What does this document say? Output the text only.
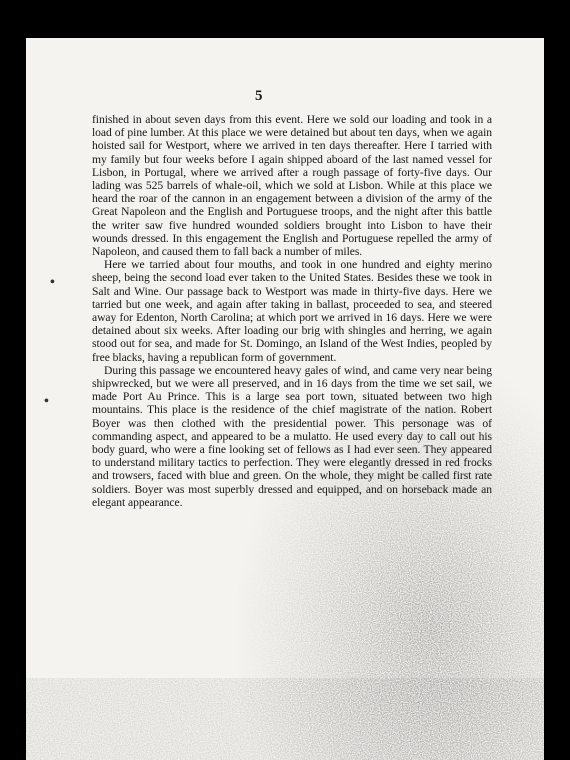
5
•
•

finished in about seven days from this event. Here we sold our loading and took in a load of pine lumber. At this place we were detained but about ten days, when we again hoisted sail for Westport, where we arrived in ten days thereafter. Here I tarried with my family but four weeks before I again shipped aboard of the last named vessel for Lisbon, in Portugal, where we arrived after a rough passage of forty-five days. Our lading was 525 barrels of whale-oil, which we sold at Lisbon. While at this place we heard the roar of the cannon in an engagement between a division of the army of the Great Napoleon and the English and Portuguese troops, and the night after this battle the writer saw five hundred wounded soldiers brought into Lisbon to have their wounds dressed. In this engagement the English and Portuguese repelled the army of Napoleon, and caused them to fall back a number of miles.

Here we tarried about four mouths, and took in one hundred and eighty merino sheep, being the second load ever taken to the United States. Besides these we took in Salt and Wine. Our passage back to Westport was made in thirty-five days. Here we tarried but one week, and again after taking in ballast, proceeded to sea, and steered away for Edenton, North Carolina; at which port we arrived in 16 days. Here we were detained about six weeks. After loading our brig with shingles and herring, we again stood out for sea, and made for St. Domingo, an Island of the West Indies, peopled by free blacks, having a republican form of government.

During this passage we encountered heavy gales of wind, and came very near being shipwrecked, but we were all preserved, and in 16 days from the time we set sail, we made Port Au Prince. This is a large sea port town, situated between two high mountains. This place is the residence of the chief magistrate of the nation. Robert Boyer was then clothed with the presidential power. This personage was of commanding aspect, and appeared to be a mulatto. He used every day to call out his body guard, who were a fine looking set of fellows as I had ever seen. They appeared to understand military tactics to perfection. They were elegantly dressed in red frocks and trowsers, faced with blue and green. On the whole, they might be called first rate soldiers. Boyer was most superbly dressed and equipped, and on horseback made an elegant appearance.
